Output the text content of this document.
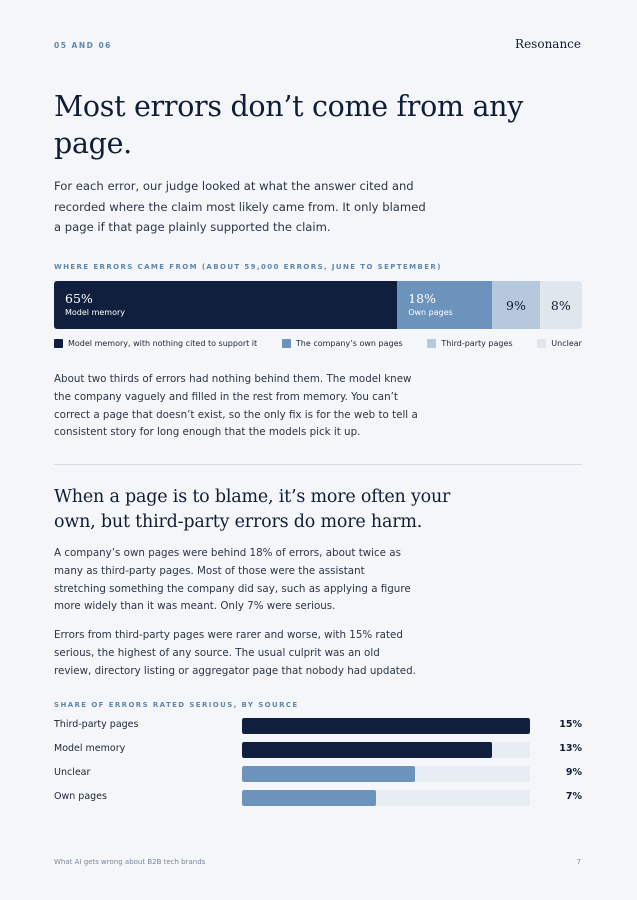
05 AND 06	Resonance
Most errors don’t come from any page.

For each error, our judge looked at what the answer cited and recorded where the claim most likely came from. It only blamed a page if that page plainly supported the claim.

WHERE ERRORS CAME FROM (ABOUT 59,000 ERRORS, JUNE TO SEPTEMBER)
65%
Model memory
18%
Own pages	9%	8%
Model memory, with nothing cited to support it	The company’s own pages	Third-party pages	Unclear

About two thirds of errors had nothing behind them. The model knew the company vaguely and filled in the rest from memory. You can’t correct a page that doesn’t exist, so the only fix is for the web to tell a consistent story for long enough that the models pick it up.

When a page is to blame, it’s more often your own, but third-party errors do more harm.

A company’s own pages were behind 18% of errors, about twice as many as third-party pages. Most of those were the assistant stretching something the company did say, such as applying a figure more widely than it was meant. Only 7% were serious.

Errors from third-party pages were rarer and worse, with 15% rated serious, the highest of any source. The usual culprit was an old review, directory listing or aggregator page that nobody had updated.

SHARE OF ERRORS RATED SERIOUS, BY SOURCE
Third-party pages	15%
Model memory	13%
Unclear	9%
Own pages	7%
What AI gets wrong about B2B tech brands	7
